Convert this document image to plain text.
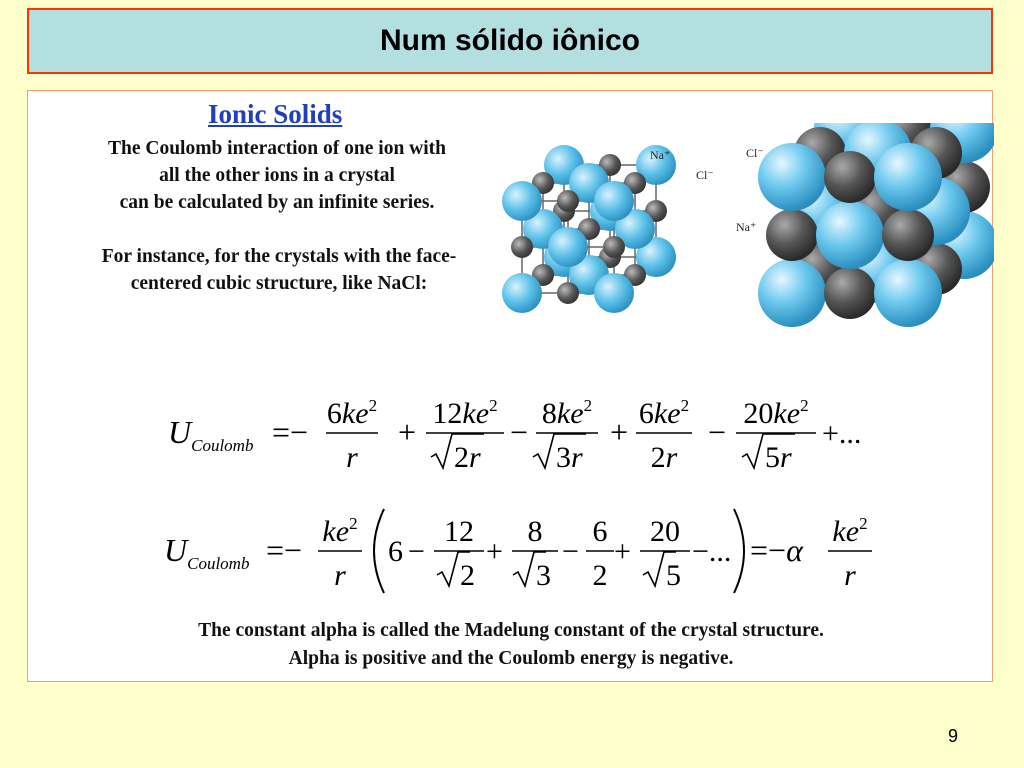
Num sólido iônico
Ionic Solids
The Coulomb interaction of one ion with
all the other ions in a crystal
can be calculated by an infinite series.
For instance, for the crystals with the face-
centered cubic structure, like NaCl:
Na⁺
Cl⁻
Cl⁻
Na⁺
$U_{Coulomb}$ =−
$6ke^2$
r
+
$12ke^2$
2r
−
$8ke^2$
3r
+
$6ke^2$
2r
−
$20ke^2$
5r
+...
$U_{Coulomb}$ =−
$ke^2$
r
6 −
12
2
+
8
3
−
6
2
+
20
5
−... =−α
$ke^2$
r
The constant alpha is called the Madelung constant of the crystal structure.
Alpha is positive and the Coulomb energy is negative.
9
